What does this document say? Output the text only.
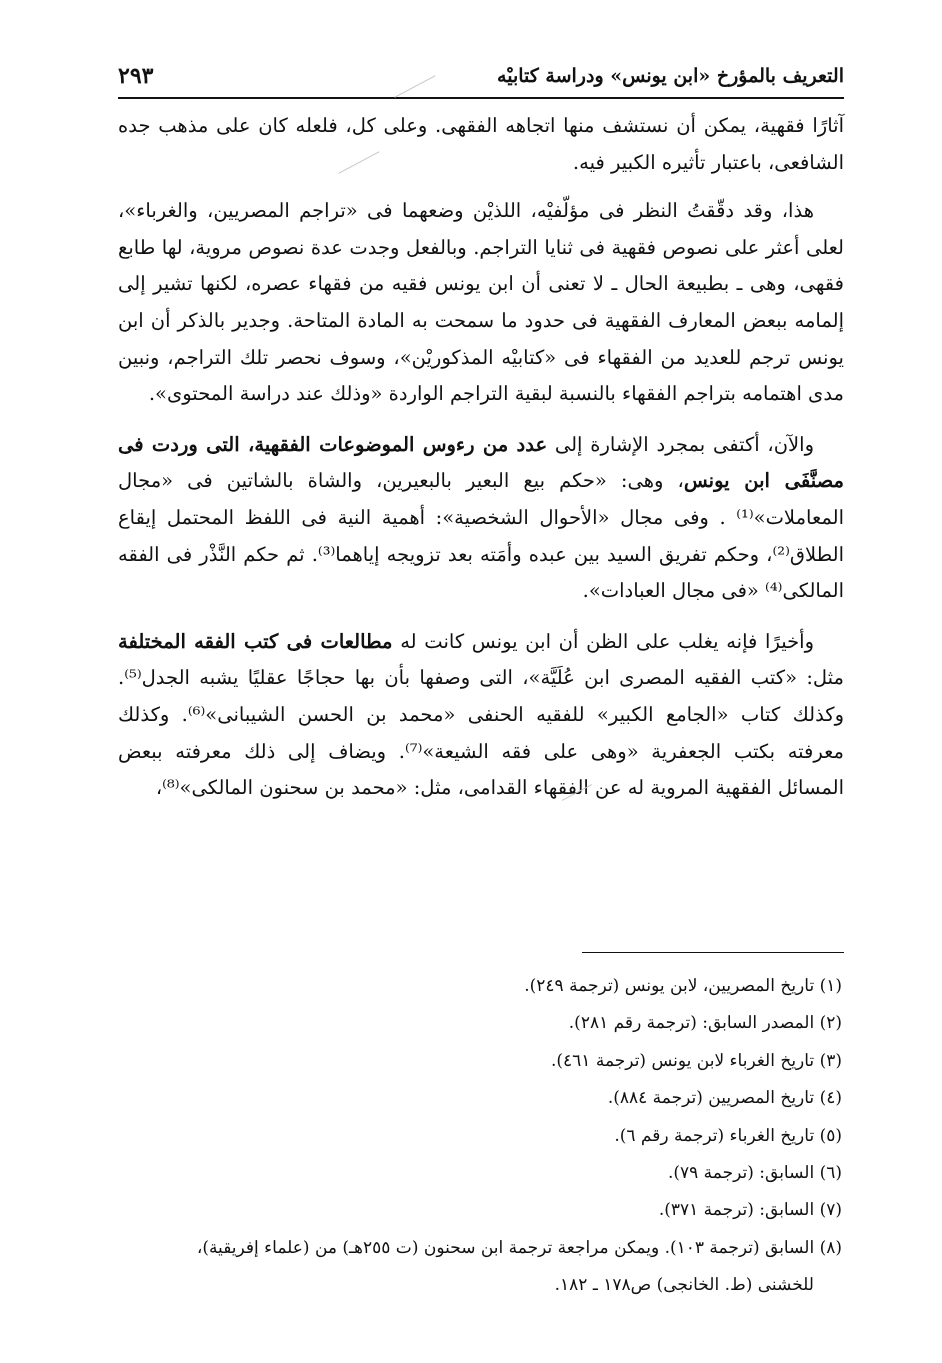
التعريف بالمؤرخ «ابن يونس» ودراسة كتابيْه
٢٩٣

آثارًا فقهية، يمكن أن نستشف منها اتجاهه الفقهى. وعلى كل، فلعله كان على مذهب جده الشافعى، باعتبار تأثيره الكبير فيه.

هذا، وقد دقّقتُ النظر فى مؤلّفيْه، اللذيْن وضعهما فى «تراجم المصريين، والغرباء»، لعلى أعثر على نصوص فقهية فى ثنايا التراجم. وبالفعل وجدت عدة نصوص مروية، لها طابع فقهى، وهى ـ بطبيعة الحال ـ لا تعنى أن ابن يونس فقيه من فقهاء عصره، لكنها تشير إلى إلمامه ببعض المعارف الفقهية فى حدود ما سمحت به المادة المتاحة. وجدير بالذكر أن ابن يونس ترجم للعديد من الفقهاء فى «كتابيْه المذكوريْن»، وسوف نحصر تلك التراجم، ونبين مدى اهتمامه بتراجم الفقهاء بالنسبة لبقية التراجم الواردة «وذلك عند دراسة المحتوى».

والآن، أكتفى بمجرد الإشارة إلى عدد من رءوس الموضوعات الفقهية، التى وردت فى مصنَّفَى ابن يونس، وهى: «حكم بيع البعير بالبعيرين، والشاة بالشاتين فى «مجال المعاملات»⁽¹⁾ . وفى مجال «الأحوال الشخصية»: أهمية النية فى اللفظ المحتمل إيقاع الطلاق⁽²⁾، وحكم تفريق السيد بين عبده وأمَته بعد تزويجه إياهما⁽³⁾. ثم حكم النَّذْر فى الفقه المالكى⁽⁴⁾ «فى مجال العبادات».

وأخيرًا فإنه يغلب على الظن أن ابن يونس كانت له مطالعات فى كتب الفقه المختلفة مثل: «كتب الفقيه المصرى ابن عُلَيَّة»، التى وصفها بأن بها حجاجًا عقليًا يشبه الجدل⁽⁵⁾. وكذلك كتاب «الجامع الكبير» للفقيه الحنفى «محمد بن الحسن الشيبانى»⁽⁶⁾. وكذلك معرفته بكتب الجعفرية «وهى على فقه الشيعة»⁽⁷⁾. ويضاف إلى ذلك معرفته ببعض المسائل الفقهية المروية له عن الفقهاء القدامى، مثل: «محمد بن سحنون المالكى»⁽⁸⁾،

(١) تاريخ المصريين، لابن يونس (ترجمة ٢٤٩).

(٢) المصدر السابق: (ترجمة رقم ٢٨١).

(٣) تاريخ الغرباء لابن يونس (ترجمة ٤٦١).

(٤) تاريخ المصريين (ترجمة ٨٨٤).

(٥) تاريخ الغرباء (ترجمة رقم ٦).

(٦) السابق: (ترجمة ٧٩).

(٧) السابق: (ترجمة ٣٧١).

(٨) السابق (ترجمة ١٠٣). ويمكن مراجعة ترجمة ابن سحنون (ت ٢٥٥هـ) من (علماء إفريقية)،

للخشنى (ط. الخانجى) ص١٧٨ ـ ١٨٢.
